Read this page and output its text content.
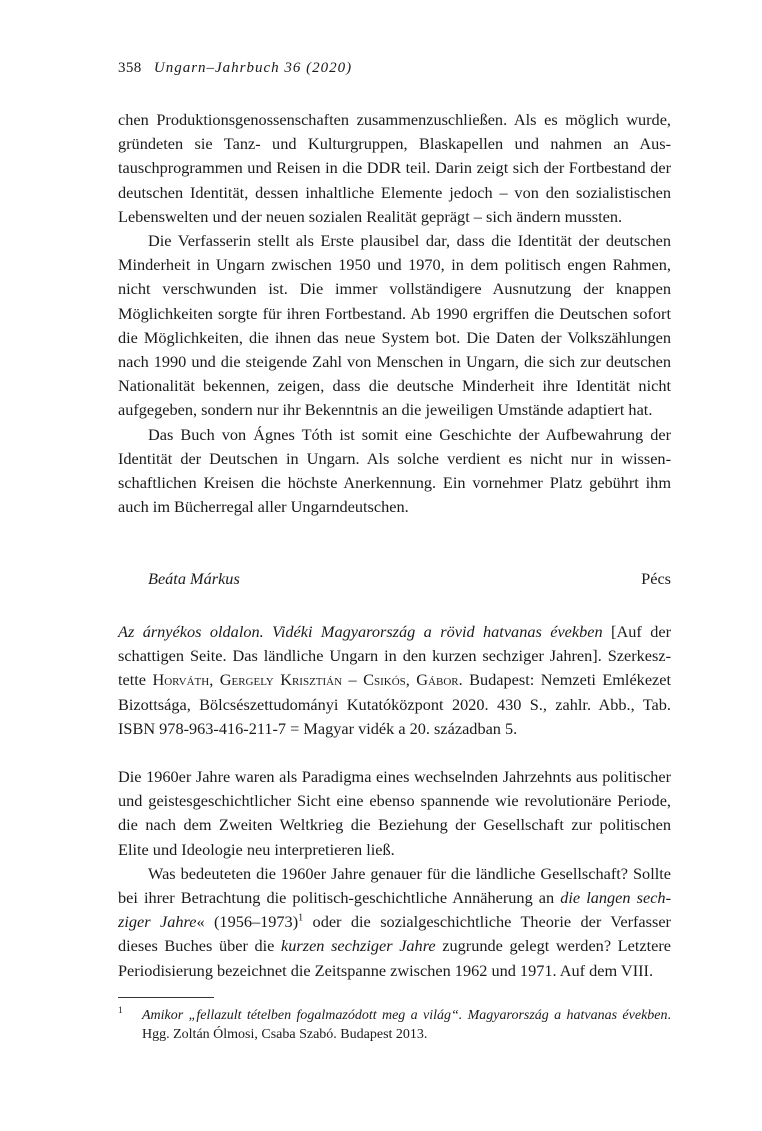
358 Ungarn–Jahrbuch 36 (2020)

chen Produktionsgenossenschaften zusammenzuschließen. Als es möglich wurde, gründeten sie Tanz- und Kulturgruppen, Blaskapellen und nahmen an Austauschprogrammen und Reisen in die DDR teil. Darin zeigt sich der Fortbestand der deutschen Identität, dessen inhaltliche Elemente jedoch – von den sozialistischen Lebenswelten und der neuen sozialen Realität geprägt – sich ändern mussten.

Die Verfasserin stellt als Erste plausibel dar, dass die Identität der deutschen Minderheit in Ungarn zwischen 1950 und 1970, in dem politisch engen Rahmen, nicht verschwunden ist. Die immer vollständigere Ausnutzung der knappen Möglichkeiten sorgte für ihren Fortbestand. Ab 1990 ergriffen die Deutschen sofort die Möglichkeiten, die ihnen das neue System bot. Die Daten der Volkszählungen nach 1990 und die steigende Zahl von Menschen in Ungarn, die sich zur deutschen Nationalität bekennen, zeigen, dass die deutsche Minderheit ihre Identität nicht aufgegeben, sondern nur ihr Bekenntnis an die jeweiligen Umstände adaptiert hat.

Das Buch von Ágnes Tóth ist somit eine Geschichte der Aufbewahrung der Identität der Deutschen in Ungarn. Als solche verdient es nicht nur in wissenschaftlichen Kreisen die höchste Anerkennung. Ein vornehmer Platz gebührt ihm auch im Bücherregal aller Ungarndeutschen.

Beáta Márkus	Pécs

Az árnyékos oldalon. Vidéki Magyarország a rövid hatvanas években [Auf der schattigen Seite. Das ländliche Ungarn in den kurzen sechziger Jahren]. Szerkesztette Horváth, Gergely Krisztián – Csikós, Gábor. Budapest: Nemzeti Emlékezet Bizottsága, Bölcsészettudományi Kutatóközpont 2020. 430 S., zahlr. Abb., Tab. ISBN 978-963-416-211-7 = Magyar vidék a 20. században 5.

Die 1960er Jahre waren als Paradigma eines wechselnden Jahrzehnts aus politischer und geistesgeschichtlicher Sicht eine ebenso spannende wie revolutionäre Periode, die nach dem Zweiten Weltkrieg die Beziehung der Gesellschaft zur politischen Elite und Ideologie neu interpretieren ließ.

Was bedeuteten die 1960er Jahre genauer für die ländliche Gesellschaft? Sollte bei ihrer Betrachtung die politisch-geschichtliche Annäherung an die langen sechziger Jahre« (1956–1973)$^1$ oder die sozialgeschichtliche Theorie der Verfasser dieses Buches über die kurzen sechziger Jahre zugrunde gelegt werden? Letztere Periodisierung bezeichnet die Zeitspanne zwischen 1962 und 1971. Auf dem VIII.

1	Amikor „fellazult tételben fogalmazódott meg a világ“. Magyarország a hatvanas években. Hgg. Zoltán Ólmosi, Csaba Szabó. Budapest 2013.
